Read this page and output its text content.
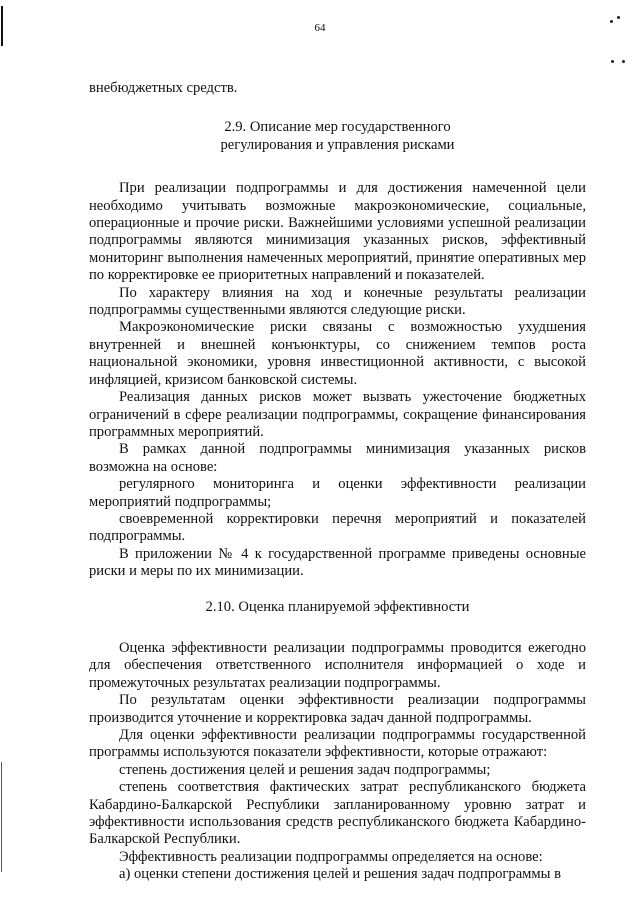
64

внебюджетных средств.

2.9. Описание мер государственного
регулирования и управления рисками

При реализации подпрограммы и для достижения намеченной цели необходимо учитывать возможные макроэкономические, социальные, операционные и прочие риски. Важнейшими условиями успешной реализации подпрограммы являются минимизация указанных рисков, эффективный мониторинг выполнения намеченных мероприятий, принятие оперативных мер по корректировке ее приоритетных направлений и показателей.

По характеру влияния на ход и конечные результаты реализации подпрограммы существенными являются следующие риски.

Макроэкономические риски связаны с возможностью ухудшения внутренней и внешней конъюнктуры, со снижением темпов роста национальной экономики, уровня инвестиционной активности, с высокой инфляцией, кризисом банковской системы.

Реализация данных рисков может вызвать ужесточение бюджетных ограничений в сфере реализации подпрограммы, сокращение финансирования программных мероприятий.

В рамках данной подпрограммы минимизация указанных рисков возможна на основе:

регулярного мониторинга и оценки эффективности реализации мероприятий подпрограммы;

своевременной корректировки перечня мероприятий и показателей подпрограммы.

В приложении № 4 к государственной программе приведены основные риски и меры по их минимизации.

2.10. Оценка планируемой эффективности

Оценка эффективности реализации подпрограммы проводится ежегодно для обеспечения ответственного исполнителя информацией о ходе и промежуточных результатах реализации подпрограммы.

По результатам оценки эффективности реализации подпрограммы производится уточнение и корректировка задач данной подпрограммы.

Для оценки эффективности реализации подпрограммы государственной программы используются показатели эффективности, которые отражают:

степень достижения целей и решения задач подпрограммы;

степень соответствия фактических затрат республиканского бюджета Кабардино-Балкарской Республики запланированному уровню затрат и эффективности использования средств республиканского бюджета Кабардино-Балкарской Республики.

Эффективность реализации подпрограммы определяется на основе:

а) оценки степени достижения целей и решения задач подпрограммы в
